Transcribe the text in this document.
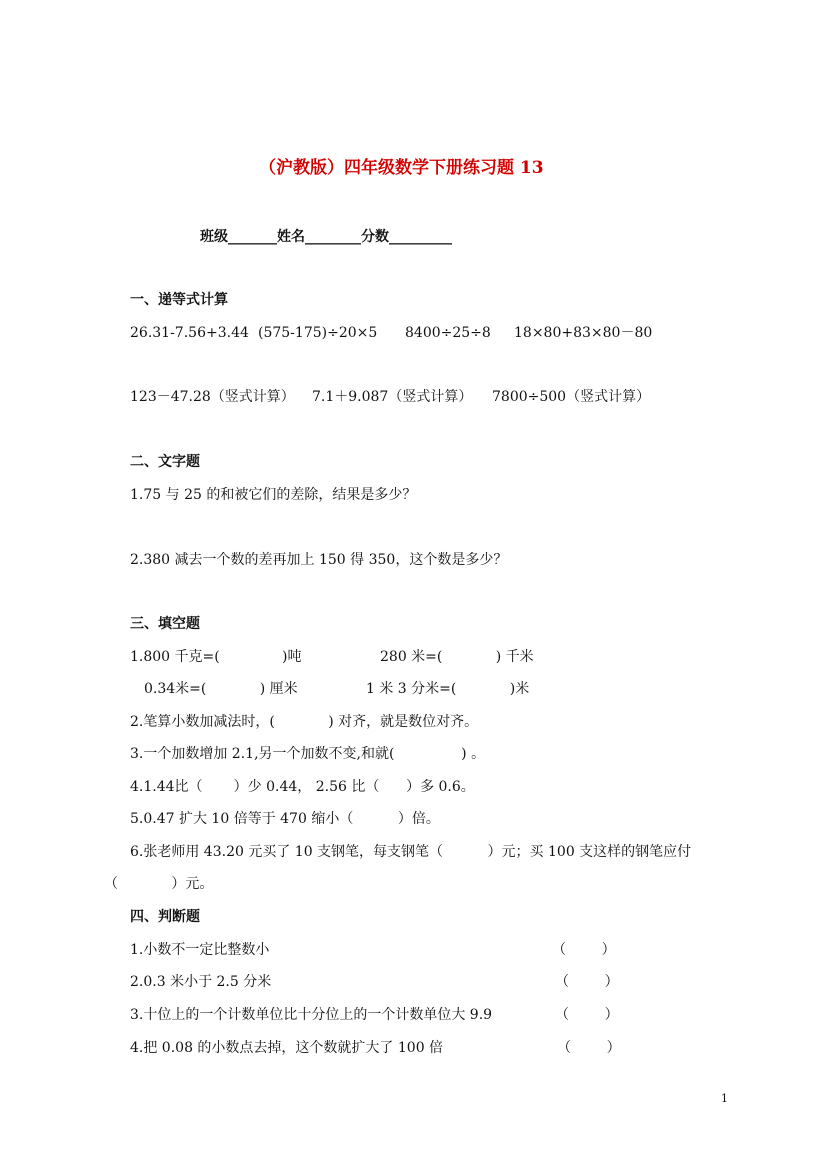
（沪教版）四年级数学下册练习题 13
班级_______姓名________分数_________
一、递等式计算
26.31-7.56+3.44 (575-175)÷20×5 8400÷25÷8 18×80+83×80－80
123－47.28（竖式计算） 7.1＋9.087（竖式计算） 7800÷500（竖式计算）
二、文字题
1.75 与 25 的和被它们的差除，结果是多少？
2.380 减去一个数的差再加上 150 得 350，这个数是多少？
三、填空题
1.800 千克=(              )吨	280 米=(            ) 千米
0.34米=(            ) 厘米	1 米 3 分米=(            )米
2.笔算小数加减法时，(            ) 对齐，就是数位对齐。
3.一个加数增加 2.1,另一个加数不变,和就(               ) 。
4.1.44比（       ）少 0.44， 2.56 比（      ）多 0.6。
5.0.47 扩大 10 倍等于 470 缩小（          ）倍。
6.张老师用 43.20 元买了 10 支钢笔，每支钢笔（          ）元；买 100 支这样的钢笔应付
（            ）元。
四、判断题
1.小数不一定比整数小	（        ）
2.0.3 米小于 2.5 分米	（        ）
3.十位上的一个计数单位比十分位上的一个计数单位大 9.9	（        ）
4.把 0.08 的小数点去掉，这个数就扩大了 100 倍	（        ）
1
